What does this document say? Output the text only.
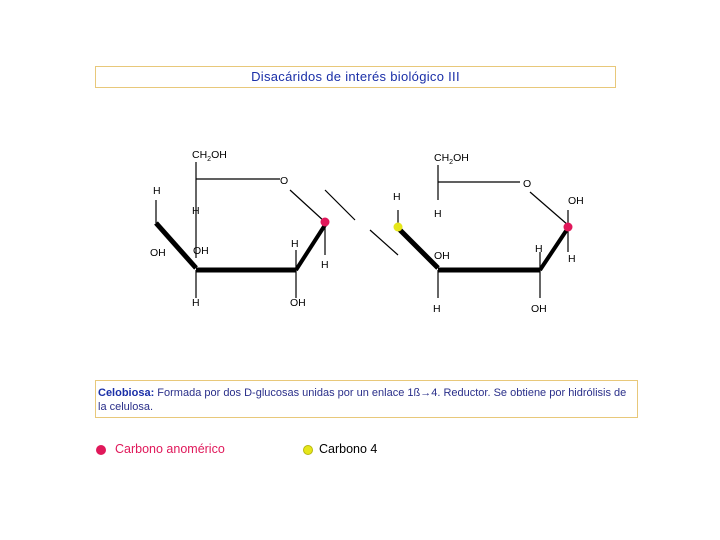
Disacáridos de interés biológico III
$CH_2OH$
O
H
H
OH	OH
H
H
H	OH
$CH_2OH$
O
H
H
OH
OH
H
H
H	OH
Celobiosa: Formada por dos D-glucosas unidas por un enlace 1ß→4. Reductor. Se obtiene por hidrólisis de la celulosa.
Carbono anomérico	Carbono 4
